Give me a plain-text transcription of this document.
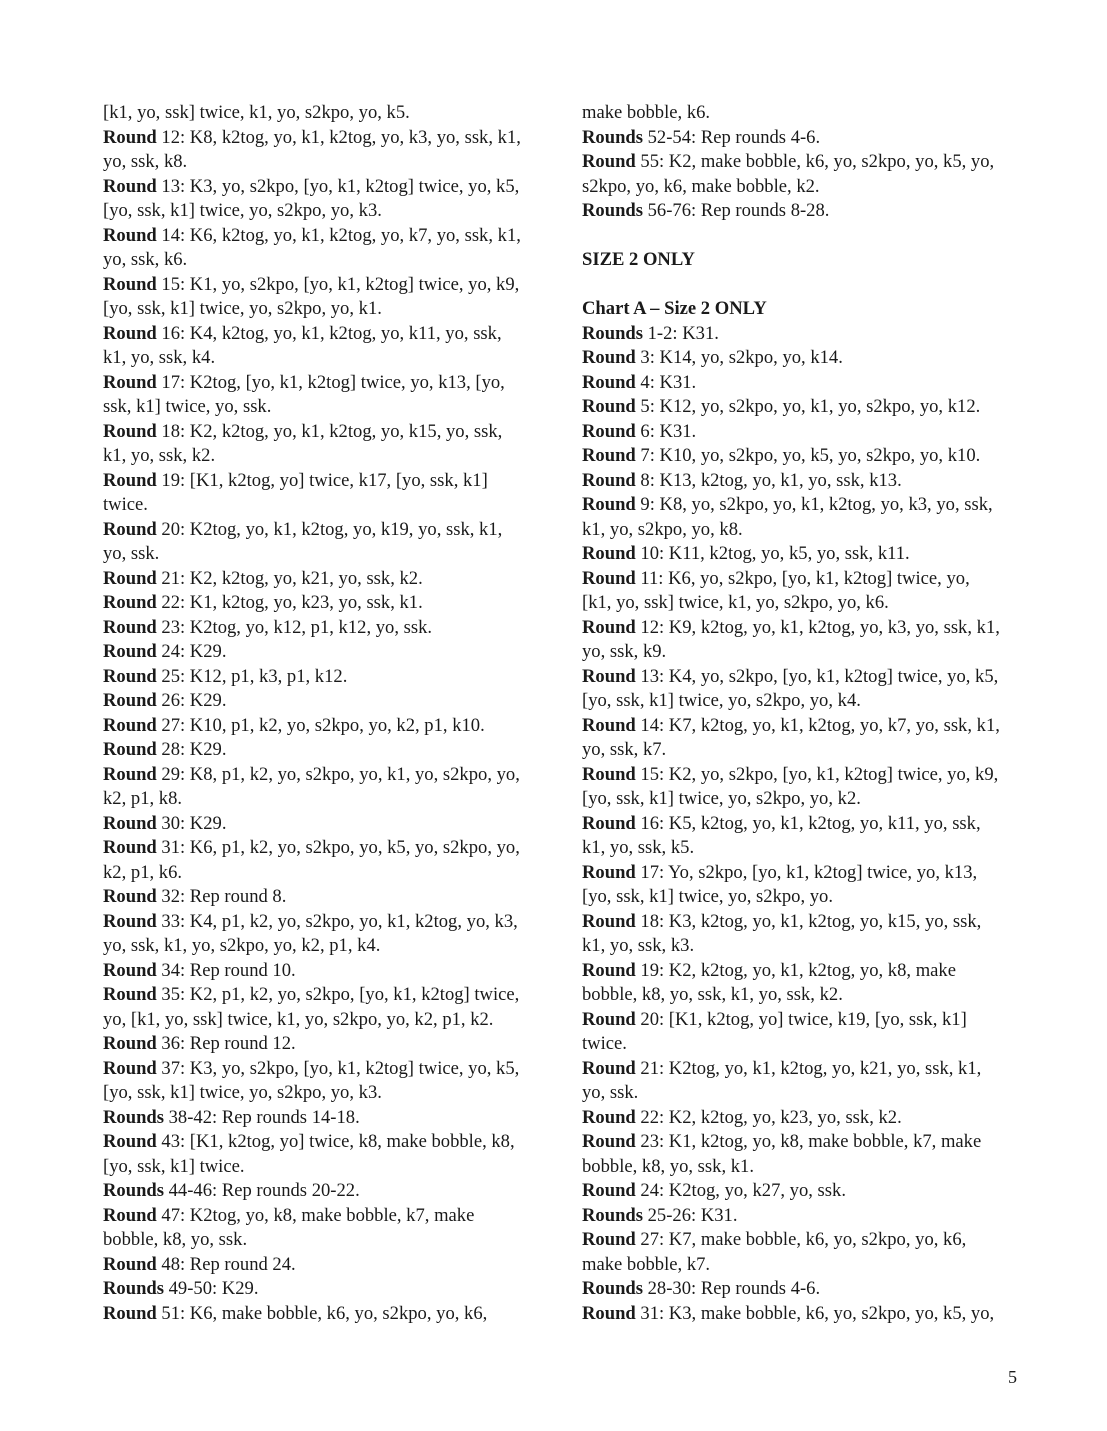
[k1, yo, ssk] twice, k1, yo, s2kpo, yo, k5.

Round 12: K8, k2tog, yo, k1, k2tog, yo, k3, yo, ssk, k1,

yo, ssk, k8.

Round 13: K3, yo, s2kpo, [yo, k1, k2tog] twice, yo, k5,

[yo, ssk, k1] twice, yo, s2kpo, yo, k3.

Round 14: K6, k2tog, yo, k1, k2tog, yo, k7, yo, ssk, k1,

yo, ssk, k6.

Round 15: K1, yo, s2kpo, [yo, k1, k2tog] twice, yo, k9,

[yo, ssk, k1] twice, yo, s2kpo, yo, k1.

Round 16: K4, k2tog, yo, k1, k2tog, yo, k11, yo, ssk,

k1, yo, ssk, k4.

Round 17: K2tog, [yo, k1, k2tog] twice, yo, k13, [yo,

ssk, k1] twice, yo, ssk.

Round 18: K2, k2tog, yo, k1, k2tog, yo, k15, yo, ssk,

k1, yo, ssk, k2.

Round 19: [K1, k2tog, yo] twice, k17, [yo, ssk, k1]

twice.

Round 20: K2tog, yo, k1, k2tog, yo, k19, yo, ssk, k1,

yo, ssk.

Round 21: K2, k2tog, yo, k21, yo, ssk, k2.

Round 22: K1, k2tog, yo, k23, yo, ssk, k1.

Round 23: K2tog, yo, k12, p1, k12, yo, ssk.

Round 24: K29.

Round 25: K12, p1, k3, p1, k12.

Round 26: K29.

Round 27: K10, p1, k2, yo, s2kpo, yo, k2, p1, k10.

Round 28: K29.

Round 29: K8, p1, k2, yo, s2kpo, yo, k1, yo, s2kpo, yo,

k2, p1, k8.

Round 30: K29.

Round 31: K6, p1, k2, yo, s2kpo, yo, k5, yo, s2kpo, yo,

k2, p1, k6.

Round 32: Rep round 8.

Round 33: K4, p1, k2, yo, s2kpo, yo, k1, k2tog, yo, k3,

yo, ssk, k1, yo, s2kpo, yo, k2, p1, k4.

Round 34: Rep round 10.

Round 35: K2, p1, k2, yo, s2kpo, [yo, k1, k2tog] twice,

yo, [k1, yo, ssk] twice, k1, yo, s2kpo, yo, k2, p1, k2.

Round 36: Rep round 12.

Round 37: K3, yo, s2kpo, [yo, k1, k2tog] twice, yo, k5,

[yo, ssk, k1] twice, yo, s2kpo, yo, k3.

Rounds 38-42: Rep rounds 14-18.

Round 43: [K1, k2tog, yo] twice, k8, make bobble, k8,

[yo, ssk, k1] twice.

Rounds 44-46: Rep rounds 20-22.

Round 47: K2tog, yo, k8, make bobble, k7, make

bobble, k8, yo, ssk.

Round 48: Rep round 24.

Rounds 49-50: K29.

Round 51: K6, make bobble, k6, yo, s2kpo, yo, k6,

make bobble, k6.

Rounds 52-54: Rep rounds 4-6.

Round 55: K2, make bobble, k6, yo, s2kpo, yo, k5, yo,

s2kpo, yo, k6, make bobble, k2.

Rounds 56-76: Rep rounds 8-28.

SIZE 2 ONLY

Chart A – Size 2 ONLY

Rounds 1-2: K31.

Round 3: K14, yo, s2kpo, yo, k14.

Round 4: K31.

Round 5: K12, yo, s2kpo, yo, k1, yo, s2kpo, yo, k12.

Round 6: K31.

Round 7: K10, yo, s2kpo, yo, k5, yo, s2kpo, yo, k10.

Round 8: K13, k2tog, yo, k1, yo, ssk, k13.

Round 9: K8, yo, s2kpo, yo, k1, k2tog, yo, k3, yo, ssk,

k1, yo, s2kpo, yo, k8.

Round 10: K11, k2tog, yo, k5, yo, ssk, k11.

Round 11: K6, yo, s2kpo, [yo, k1, k2tog] twice, yo,

[k1, yo, ssk] twice, k1, yo, s2kpo, yo, k6.

Round 12: K9, k2tog, yo, k1, k2tog, yo, k3, yo, ssk, k1,

yo, ssk, k9.

Round 13: K4, yo, s2kpo, [yo, k1, k2tog] twice, yo, k5,

[yo, ssk, k1] twice, yo, s2kpo, yo, k4.

Round 14: K7, k2tog, yo, k1, k2tog, yo, k7, yo, ssk, k1,

yo, ssk, k7.

Round 15: K2, yo, s2kpo, [yo, k1, k2tog] twice, yo, k9,

[yo, ssk, k1] twice, yo, s2kpo, yo, k2.

Round 16: K5, k2tog, yo, k1, k2tog, yo, k11, yo, ssk,

k1, yo, ssk, k5.

Round 17: Yo, s2kpo, [yo, k1, k2tog] twice, yo, k13,

[yo, ssk, k1] twice, yo, s2kpo, yo.

Round 18: K3, k2tog, yo, k1, k2tog, yo, k15, yo, ssk,

k1, yo, ssk, k3.

Round 19: K2, k2tog, yo, k1, k2tog, yo, k8, make

bobble, k8, yo, ssk, k1, yo, ssk, k2.

Round 20: [K1, k2tog, yo] twice, k19, [yo, ssk, k1]

twice.

Round 21: K2tog, yo, k1, k2tog, yo, k21, yo, ssk, k1,

yo, ssk.

Round 22: K2, k2tog, yo, k23, yo, ssk, k2.

Round 23: K1, k2tog, yo, k8, make bobble, k7, make

bobble, k8, yo, ssk, k1.

Round 24: K2tog, yo, k27, yo, ssk.

Rounds 25-26: K31.

Round 27: K7, make bobble, k6, yo, s2kpo, yo, k6,

make bobble, k7.

Rounds 28-30: Rep rounds 4-6.

Round 31: K3, make bobble, k6, yo, s2kpo, yo, k5, yo,

5
